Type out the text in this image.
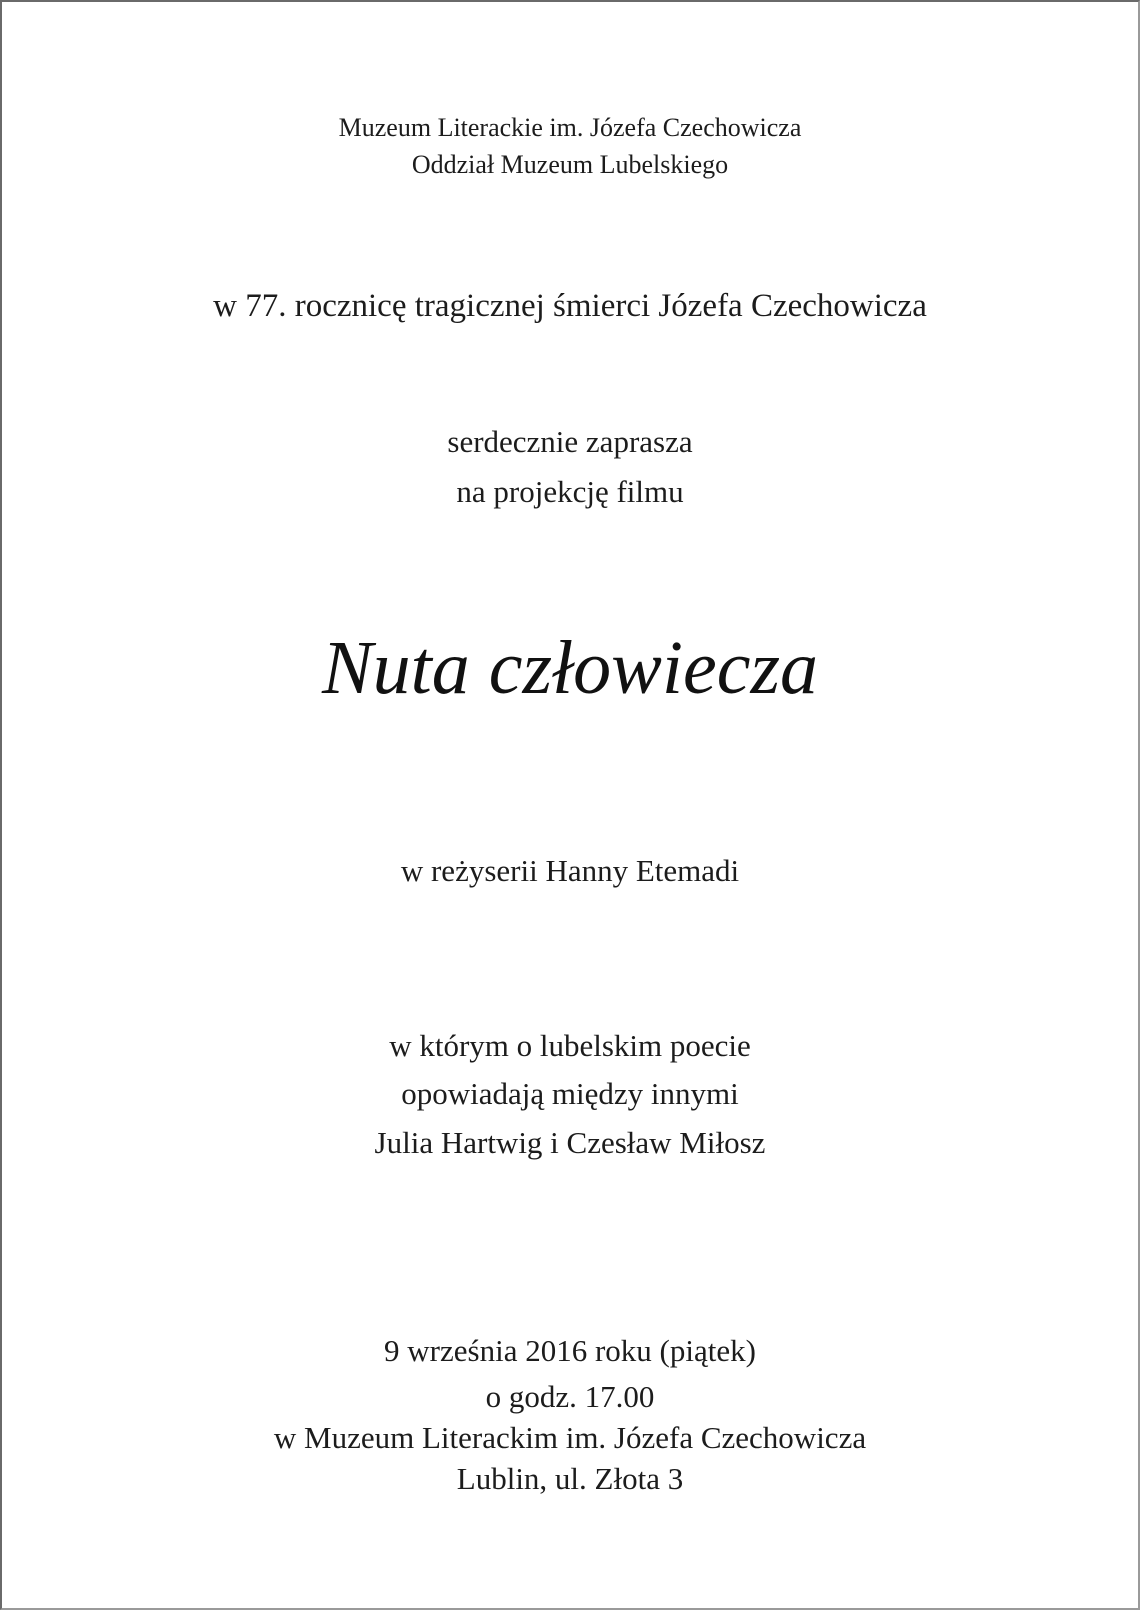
Muzeum Literackie im. Józefa Czechowicza
Oddział Muzeum Lubelskiego
w 77. rocznicę tragicznej śmierci Józefa Czechowicza
serdecznie zaprasza
na projekcję filmu
Nuta człowiecza
w reżyserii Hanny Etemadi
w którym o lubelskim poecie
opowiadają między innymi
Julia Hartwig i Czesław Miłosz
9 września 2016 roku (piątek)
o godz. 17.00
w Muzeum Literackim im. Józefa Czechowicza
Lublin, ul. Złota 3
